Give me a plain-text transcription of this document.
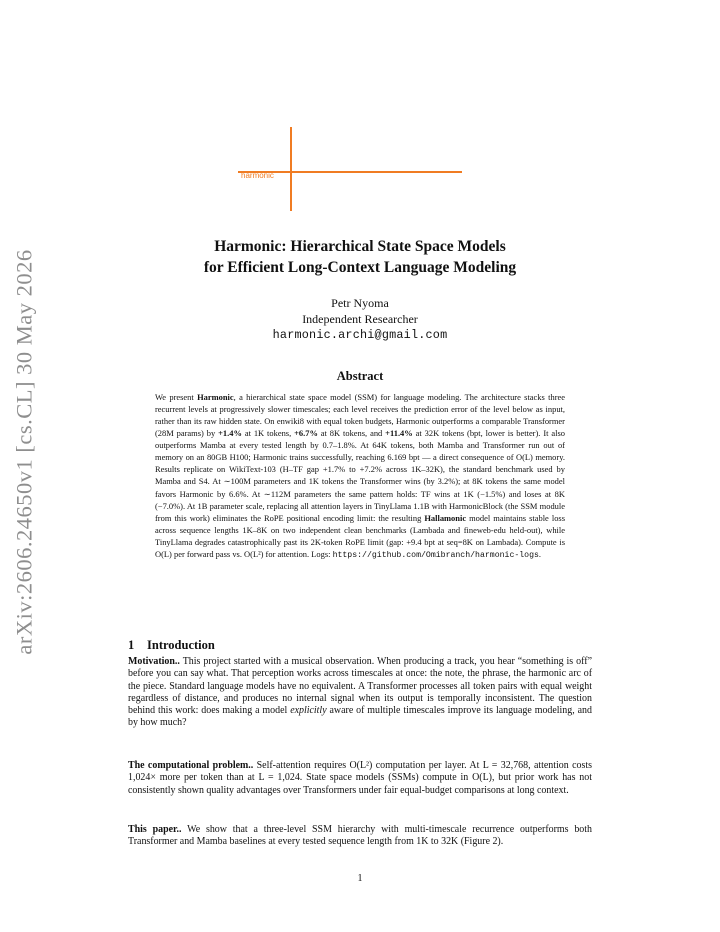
arXiv:2606.24650v1 [cs.CL] 30 May 2026
harmonic
Harmonic: Hierarchical State Space Models
for Efficient Long-Context Language Modeling
Petr Nyoma
Independent Researcher
harmonic.archi@gmail.com
Abstract

We present Harmonic, a hierarchical state space model (SSM) for language modeling. The architecture stacks three recurrent levels at progressively slower timescales; each level receives the prediction error of the level below as input, rather than its raw hidden state. On enwiki8 with equal token budgets, Harmonic outperforms a comparable Transformer (28M params) by +1.4% at 1K tokens, +6.7% at 8K tokens, and +11.4% at 32K tokens (bpt, lower is better). It also outperforms Mamba at every tested length by 0.7–1.8%. At 64K tokens, both Mamba and Transformer run out of memory on an 80GB H100; Harmonic trains successfully, reaching 6.169 bpt — a direct consequence of O(L) memory. Results replicate on WikiText-103 (H–TF gap +1.7% to +7.2% across 1K–32K), the standard benchmark used by Mamba and S4. At ∼100M parameters and 1K tokens the Transformer wins (by 3.2%); at 8K tokens the same model favors Harmonic by 6.6%. At ∼112M parameters the same pattern holds: TF wins at 1K (−1.5%) and loses at 8K (−7.0%). At 1B parameter scale, replacing all attention layers in TinyLlama 1.1B with HarmonicBlock (the SSM module from this work) eliminates the RoPE positional encoding limit: the resulting Hallamonic model maintains stable loss across sequence lengths 1K–8K on two independent clean benchmarks (Lambada and fineweb-edu held-out), while TinyLlama degrades catastrophically past its 2K-token RoPE limit (gap: +9.4 bpt at seq=8K on Lambada). Compute is O(L) per forward pass vs. O(L²) for attention. Logs: https://github.com/Omibranch/harmonic-logs.

1 Introduction

Motivation.. This project started with a musical observation. When producing a track, you hear “something is off” before you can say what. That perception works across timescales at once: the note, the phrase, the harmonic arc of the piece. Standard language models have no equivalent. A Transformer processes all token pairs with equal weight regardless of distance, and produces no internal signal when its output is temporally inconsistent. The question behind this work: does making a model explicitly aware of multiple timescales improve its language modeling, and by how much?

The computational problem.. Self-attention requires O(L²) computation per layer. At L = 32,768, attention costs 1,024× more per token than at L = 1,024. State space models (SSMs) compute in O(L), but prior work has not consistently shown quality advantages over Transformers under fair equal-budget comparisons at long context.

This paper.. We show that a three-level SSM hierarchy with multi-timescale recurrence outperforms both Transformer and Mamba baselines at every tested sequence length from 1K to 32K (Figure 2).

1
